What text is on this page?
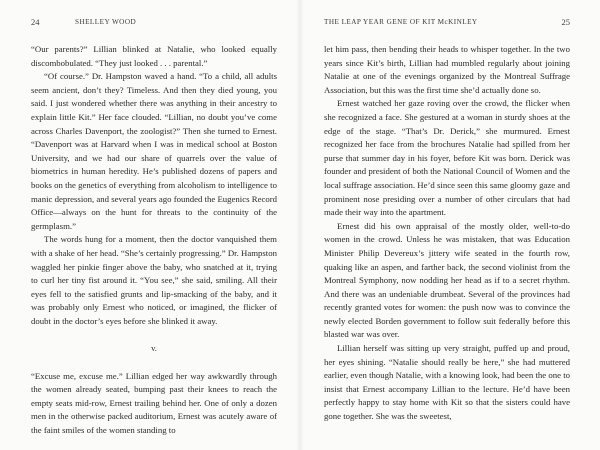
24	SHELLEY WOOD

“Our parents?” Lillian blinked at Natalie, who looked equally discombobulated. “They just looked . . . parental.”

“Of course.” Dr. Hampston waved a hand. “To a child, all adults seem ancient, don’t they? Timeless. And then they died young, you said. I just wondered whether there was anything in their ancestry to explain little Kit.” Her face clouded. “Lillian, no doubt you’ve come across Charles Davenport, the zoologist?” Then she turned to Ernest. “Davenport was at Harvard when I was in medical school at Boston University, and we had our share of quarrels over the value of biometrics in human heredity. He’s published dozens of papers and books on the genetics of everything from alcoholism to intelligence to manic depression, and several years ago founded the Eugenics Record Office—always on the hunt for threats to the continuity of the germplasm.”

The words hung for a moment, then the doctor vanquished them with a shake of her head. “She’s certainly progressing.” Dr. Hampston waggled her pinkie finger above the baby, who snatched at it, trying to curl her tiny fist around it. “You see,” she said, smiling. All their eyes fell to the satisfied grunts and lip-smacking of the baby, and it was probably only Ernest who noticed, or imagined, the flicker of doubt in the doctor’s eyes before she blinked it away.

v.

“Excuse me, excuse me.” Lillian edged her way awkwardly through the women already seated, bumping past their knees to reach the empty seats mid-row, Ernest trailing behind her. One of only a dozen men in the otherwise packed auditorium, Ernest was acutely aware of the faint smiles of the women standing to

THE LEAP YEAR GENE OF KIT McKINLEY	25

let him pass, then bending their heads to whisper together. In the two years since Kit’s birth, Lillian had mumbled regularly about joining Natalie at one of the evenings organized by the Montreal Suffrage Association, but this was the first time she’d actually done so.

Ernest watched her gaze roving over the crowd, the flicker when she recognized a face. She gestured at a woman in sturdy shoes at the edge of the stage. “That’s Dr. Derick,” she murmured. Ernest recognized her face from the brochures Natalie had spilled from her purse that summer day in his foyer, before Kit was born. Derick was founder and president of both the National Council of Women and the local suffrage association. He’d since seen this same gloomy gaze and prominent nose presiding over a number of other circulars that had made their way into the apartment.

Ernest did his own appraisal of the mostly older, well-to-do women in the crowd. Unless he was mistaken, that was Education Minister Philip Devereux’s jittery wife seated in the fourth row, quaking like an aspen, and farther back, the second violinist from the Montreal Symphony, now nodding her head as if to a secret rhythm. And there was an undeniable drumbeat. Several of the provinces had recently granted votes for women: the push now was to convince the newly elected Borden government to follow suit federally before this blasted war was over.

Lillian herself was sitting up very straight, puffed up and proud, her eyes shining. “Natalie should really be here,” she had muttered earlier, even though Natalie, with a knowing look, had been the one to insist that Ernest accompany Lillian to the lecture. He’d have been perfectly happy to stay home with Kit so that the sisters could have gone together. She was the sweetest,
